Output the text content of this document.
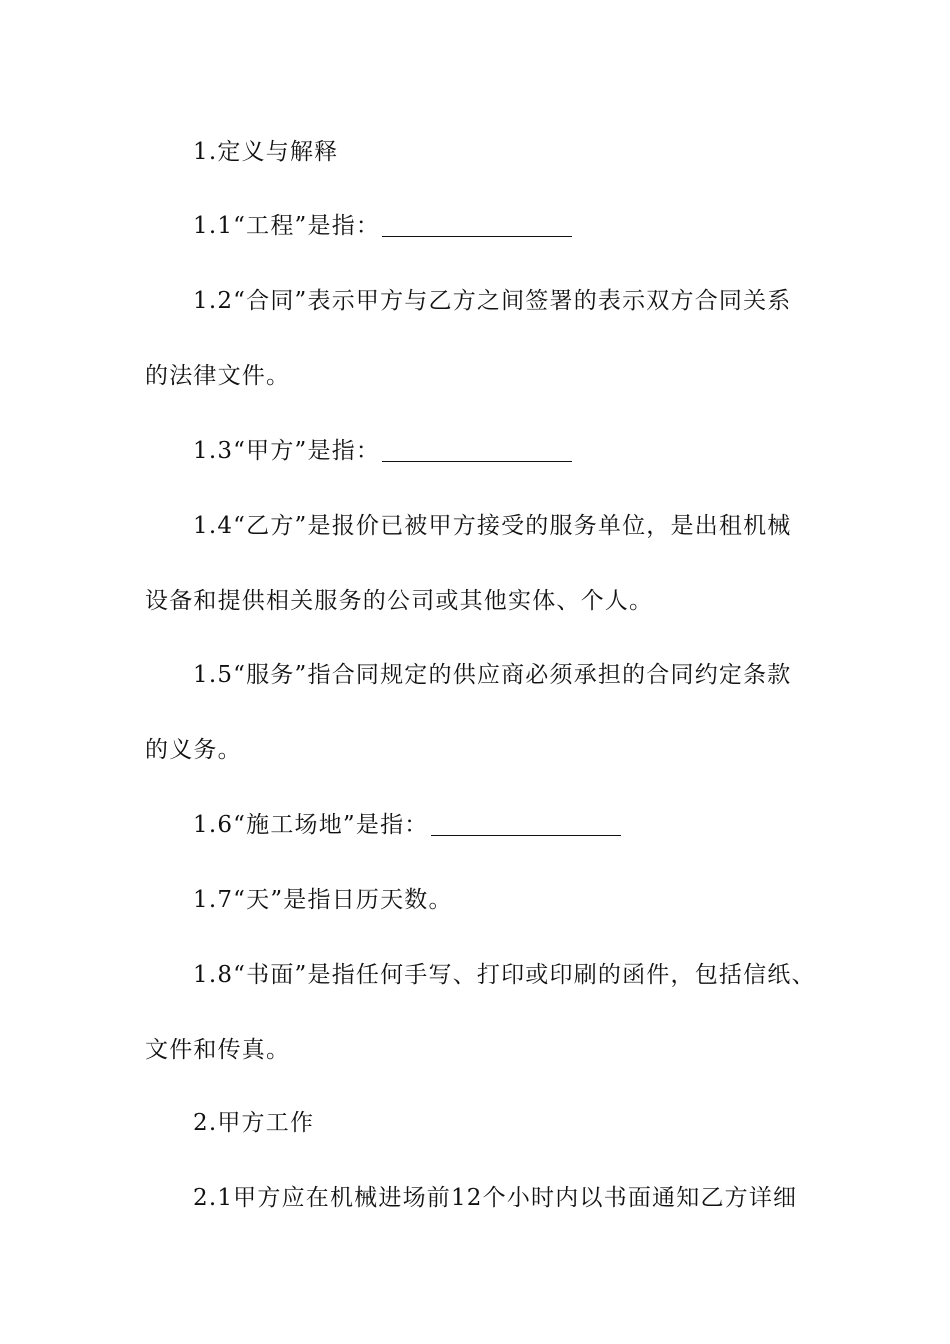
1.定义与解释
1.1“工程”是指：
1.2“合同”表示甲方与乙方之间签署的表示双方合同关系
的法律文件。
1.3“甲方”是指：
1.4“乙方”是报价已被甲方接受的服务单位，是出租机械
设备和提供相关服务的公司或其他实体、个人。
1.5“服务”指合同规定的供应商必须承担的合同约定条款
的义务。
1.6“施工场地”是指：
1.7“天”是指日历天数。
1.8“书面”是指任何手写、打印或印刷的函件，包括信纸、
文件和传真。
2.甲方工作
2.1甲方应在机械进场前12个小时内以书面通知乙方详细
